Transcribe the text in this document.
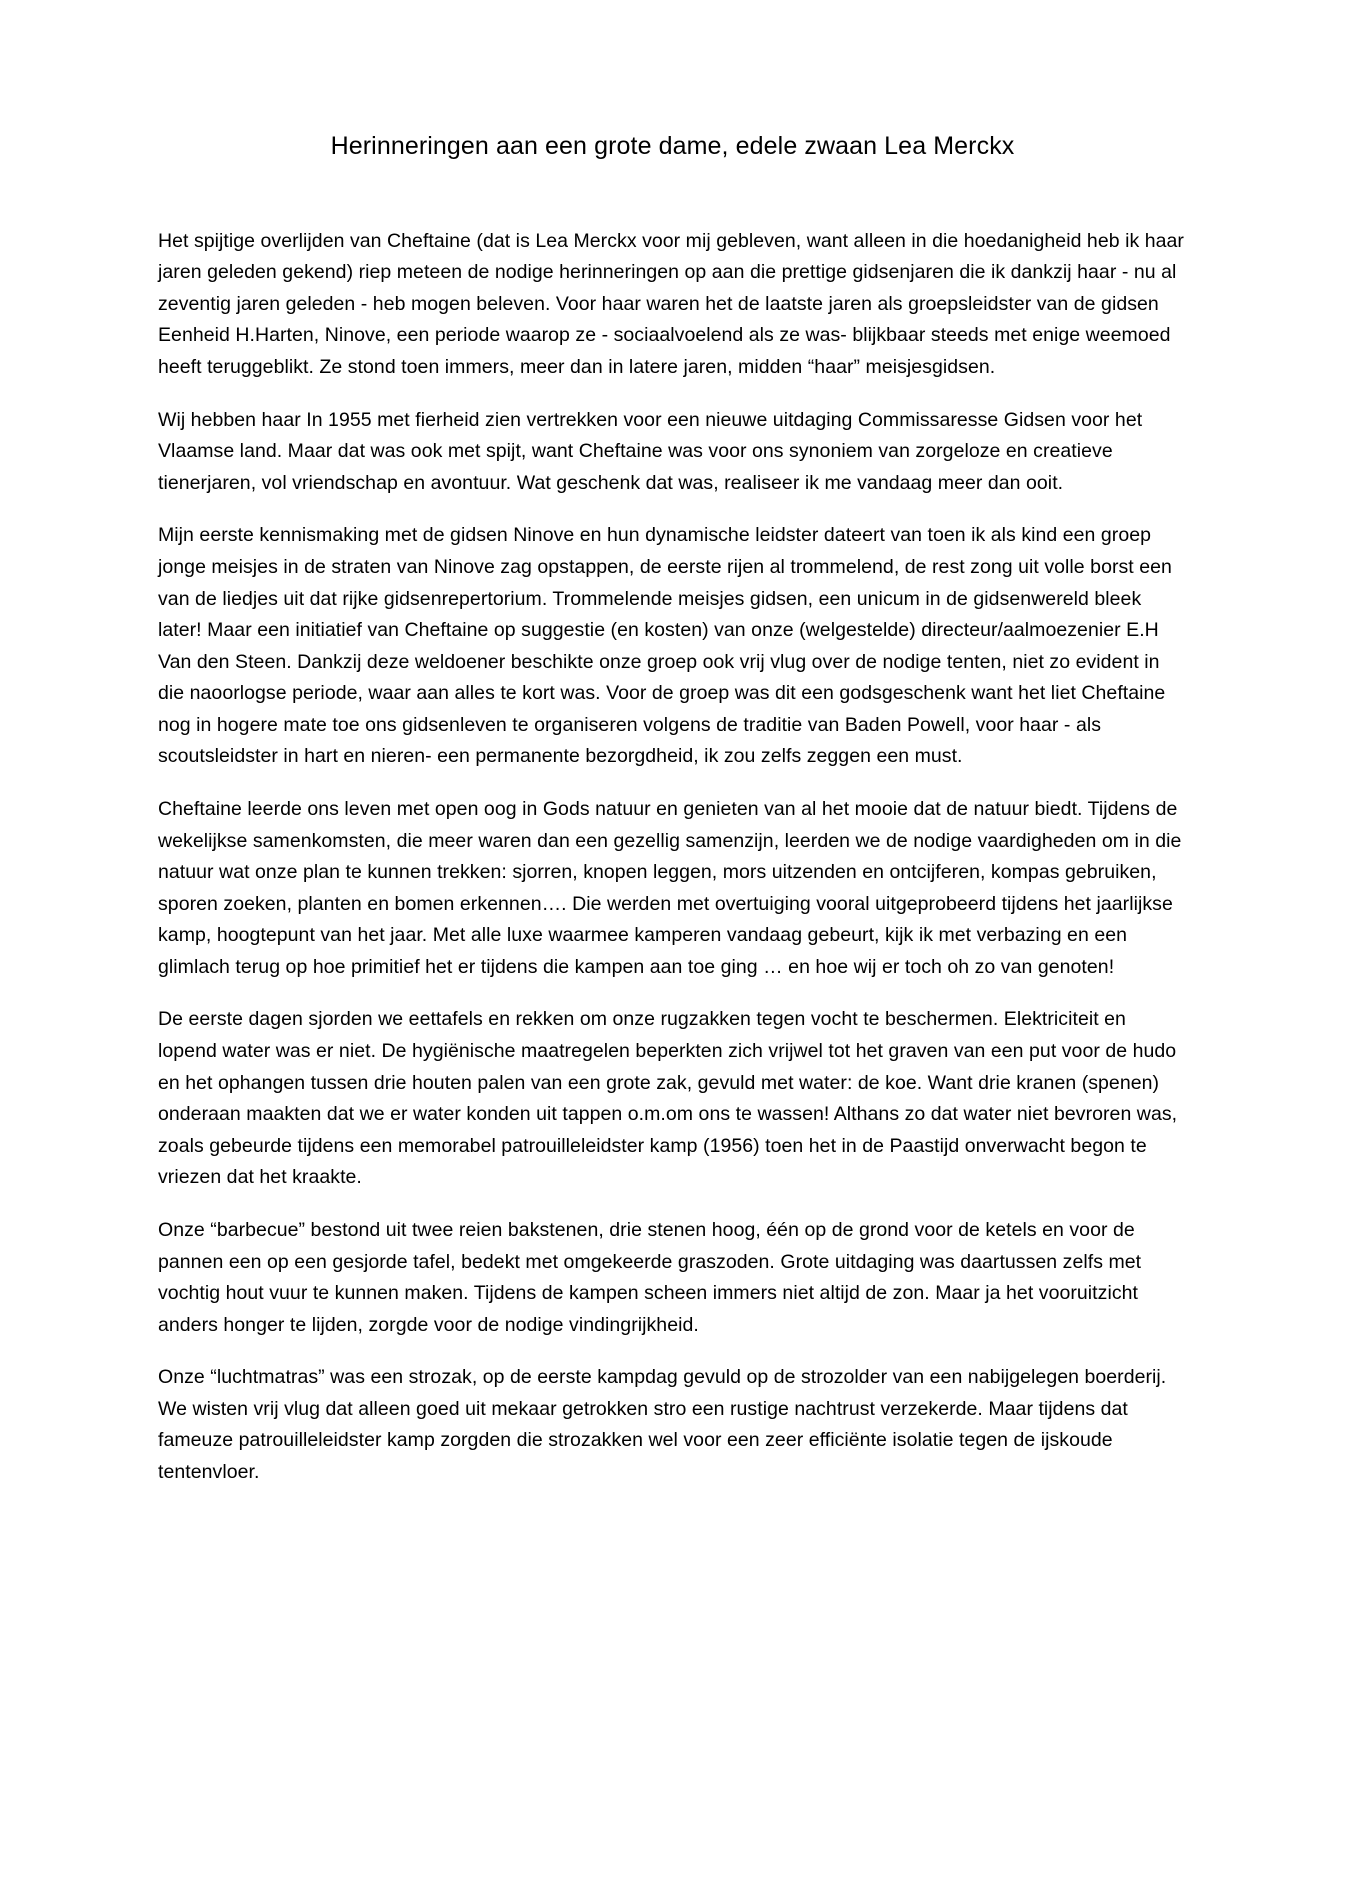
Herinneringen aan een grote dame, edele zwaan Lea Merckx

Het spijtige overlijden van Cheftaine (dat is Lea Merckx voor mij gebleven, want alleen in die hoedanigheid heb ik haar jaren geleden gekend) riep meteen de nodige herinneringen op aan die prettige gidsenjaren die ik dankzij haar - nu al zeventig jaren geleden - heb mogen beleven. Voor haar waren het de laatste jaren als groepsleidster van de gidsen Eenheid H.Harten, Ninove, een periode waarop ze - sociaalvoelend als ze was- blijkbaar steeds met enige weemoed heeft teruggeblikt. Ze stond toen immers, meer dan in latere jaren, midden “haar” meisjesgidsen.

Wij hebben haar In 1955 met fierheid zien vertrekken voor een nieuwe uitdaging Commissaresse Gidsen voor het Vlaamse land. Maar dat was ook met spijt, want Cheftaine was voor ons synoniem van zorgeloze en creatieve tienerjaren, vol vriendschap en avontuur. Wat geschenk dat was, realiseer ik me vandaag meer dan ooit.

Mijn eerste kennismaking met de gidsen Ninove en hun dynamische leidster dateert van toen ik als kind een groep jonge meisjes in de straten van Ninove zag opstappen, de eerste rijen al trommelend, de rest zong uit volle borst een van de liedjes uit dat rijke gidsenrepertorium. Trommelende meisjes gidsen, een unicum in de gidsenwereld bleek later! Maar een initiatief van Cheftaine op suggestie (en kosten) van onze (welgestelde) directeur/aalmoezenier E.H Van den Steen. Dankzij deze weldoener beschikte onze groep ook vrij vlug over de nodige tenten, niet zo evident in die naoorlogse periode, waar aan alles te kort was. Voor de groep was dit een godsgeschenk want het liet Cheftaine nog in hogere mate toe ons gidsenleven te organiseren volgens de traditie van Baden Powell, voor haar - als scoutsleidster in hart en nieren- een permanente bezorgdheid, ik zou zelfs zeggen een must.

Cheftaine leerde ons leven met open oog in Gods natuur en genieten van al het mooie dat de natuur biedt. Tijdens de wekelijkse samenkomsten, die meer waren dan een gezellig samenzijn, leerden we de nodige vaardigheden om in die natuur wat onze plan te kunnen trekken: sjorren, knopen leggen, mors uitzenden en ontcijferen, kompas gebruiken, sporen zoeken, planten en bomen erkennen…. Die werden met overtuiging vooral uitgeprobeerd tijdens het jaarlijkse kamp, hoogtepunt van het jaar. Met alle luxe waarmee kamperen vandaag gebeurt, kijk ik met verbazing en een glimlach terug op hoe primitief het er tijdens die kampen aan toe ging … en hoe wij er toch oh zo van genoten!

De eerste dagen sjorden we eettafels en rekken om onze rugzakken tegen vocht te beschermen. Elektriciteit en lopend water was er niet. De hygiënische maatregelen beperkten zich vrijwel tot het graven van een put voor de hudo en het ophangen tussen drie houten palen van een grote zak, gevuld met water: de koe. Want drie kranen (spenen) onderaan maakten dat we er water konden uit tappen o.m.om ons te wassen! Althans zo dat water niet bevroren was, zoals gebeurde tijdens een memorabel patrouilleleidster kamp (1956) toen het in de Paastijd onverwacht begon te vriezen dat het kraakte.

Onze “barbecue” bestond uit twee reien bakstenen, drie stenen hoog, één op de grond voor de ketels en voor de pannen een op een gesjorde tafel, bedekt met omgekeerde graszoden. Grote uitdaging was daartussen zelfs met vochtig hout vuur te kunnen maken. Tijdens de kampen scheen immers niet altijd de zon. Maar ja het vooruitzicht anders honger te lijden, zorgde voor de nodige vindingrijkheid.

Onze “luchtmatras” was een strozak, op de eerste kampdag gevuld op de strozolder van een nabijgelegen boerderij. We wisten vrij vlug dat alleen goed uit mekaar getrokken stro een rustige nachtrust verzekerde. Maar tijdens dat fameuze patrouilleleidster kamp zorgden die strozakken wel voor een zeer efficiënte isolatie tegen de ijskoude tentenvloer.
